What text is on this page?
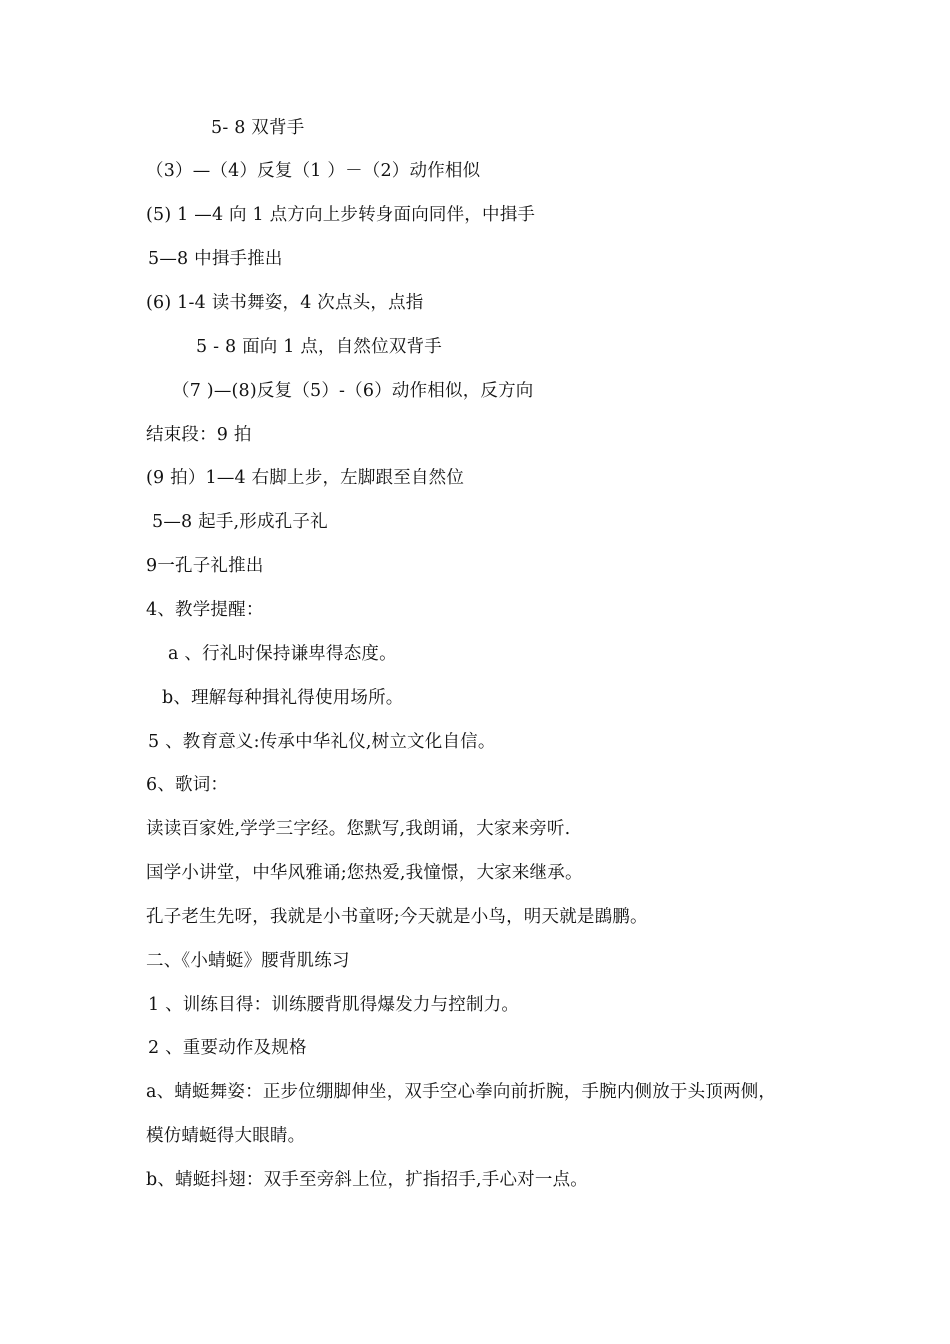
5- 8 双背手
（3）—（4）反复（1 ）－（2）动作相似
(5) 1 —4 向 1 点方向上步转身面向同伴，中揖手
5—8 中揖手推出
(6) 1-4 读书舞姿，4 次点头，点指
5 - 8 面向 1 点，自然位双背手
（7 )—(8)反复（5）-（6）动作相似，反方向
结束段：9 拍
(9 拍）1—4 右脚上步，左脚跟至自然位
5—8 起手,形成孔子礼
9一孔子礼推出
4、教学提醒：
a 、行礼时保持谦卑得态度。
b、理解每种揖礼得使用场所。
5 、教育意义:传承中华礼仪,树立文化自信。
6、歌词：
读读百家姓,学学三字经。您默写,我朗诵，大家来旁听.
国学小讲堂，中华风雅诵;您热爱,我憧憬，大家来继承。
孔子老生先呀，我就是小书童呀;今天就是小鸟，明天就是鵾鹏。
二、《小蜻蜓》腰背肌练习
1 、训练目得：训练腰背肌得爆发力与控制力。
2 、重要动作及规格
a、蜻蜓舞姿：正步位绷脚伸坐，双手空心拳向前折腕，手腕内侧放于头顶两侧，
模仿蜻蜓得大眼睛。
b、蜻蜓抖翅：双手至旁斜上位，扩指招手,手心对一点。
